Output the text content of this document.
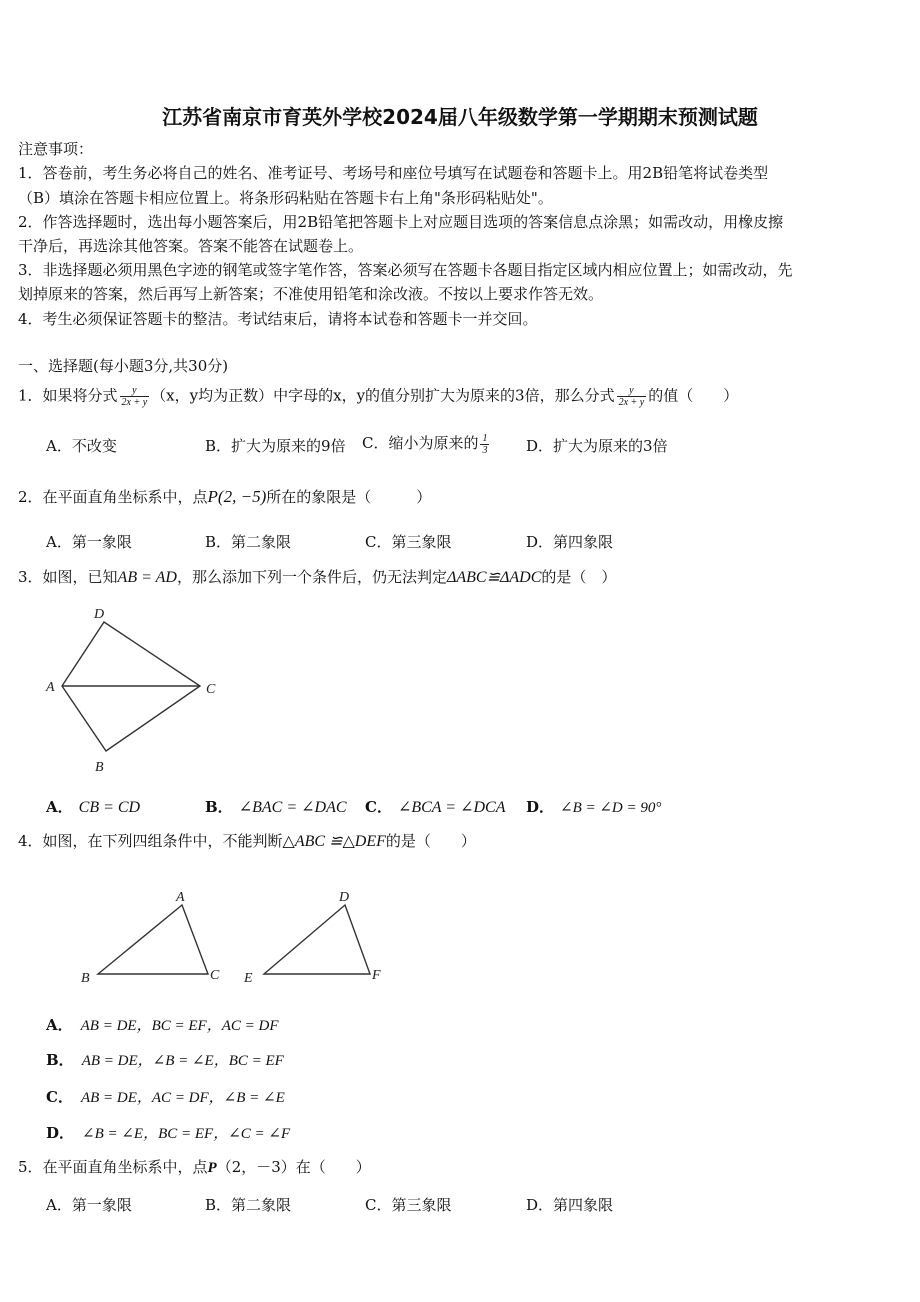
江苏省南京市育英外学校2024届八年级数学第一学期期末预测试题
注意事项：
1．答卷前，考生务必将自己的姓名、准考证号、考场号和座位号填写在试题卷和答题卡上。用2B铅笔将试卷类型
（B）填涂在答题卡相应位置上。将条形码粘贴在答题卡右上角"条形码粘贴处"。
2．作答选择题时，选出每小题答案后，用2B铅笔把答题卡上对应题目选项的答案信息点涂黑；如需改动，用橡皮擦
干净后，再选涂其他答案。答案不能答在试题卷上。
3．非选择题必须用黑色字迹的钢笔或签字笔作答，答案必须写在答题卡各题目指定区域内相应位置上；如需改动，先
划掉原来的答案，然后再写上新答案；不准使用铅笔和涂改液。不按以上要求作答无效。
4．考生必须保证答题卡的整洁。考试结束后，请将本试卷和答题卡一并交回。
一、选择题(每小题3分,共30分)
1．如果将分式 $\frac{y}{2x + y} (x$，y均为正数）中字母的x，y的值分别扩大为原来的3倍，那么分式 $\frac{y}{2x + y}$ 的值（　　）
A．不改变	B．扩大为原来的9倍 C．缩小为原来的 $\frac{1}{3}$ D．扩大为原来的3倍
2．在平面直角坐标系中，点P(2, −5)所在的象限是（　　　）
A．第一象限	B．第二象限	C．第三象限	D．第四象限
3．如图，已知AB = AD，那么添加下列一个条件后，仍无法判定ΔABC≌ΔADC的是（　）
D
A	C
B
A． CB = CD	B． ∠BAC = ∠DAC C． ∠BCA = ∠DCA D． ∠B = ∠D = 90°
4．如图，在下列四组条件中，不能判断△ABC ≌△DEF的是（　　）
A
B	C
D
E	F
A． AB = DE，BC = EF，AC = DF
B． AB = DE，∠B = ∠E，BC = EF
C． AB = DE，AC = DF，∠B = ∠E
D． ∠B = ∠E，BC = EF，∠C = ∠F
5．在平面直角坐标系中，点P（2，－3）在（　　）
A．第一象限	B．第二象限	C．第三象限	D．第四象限
